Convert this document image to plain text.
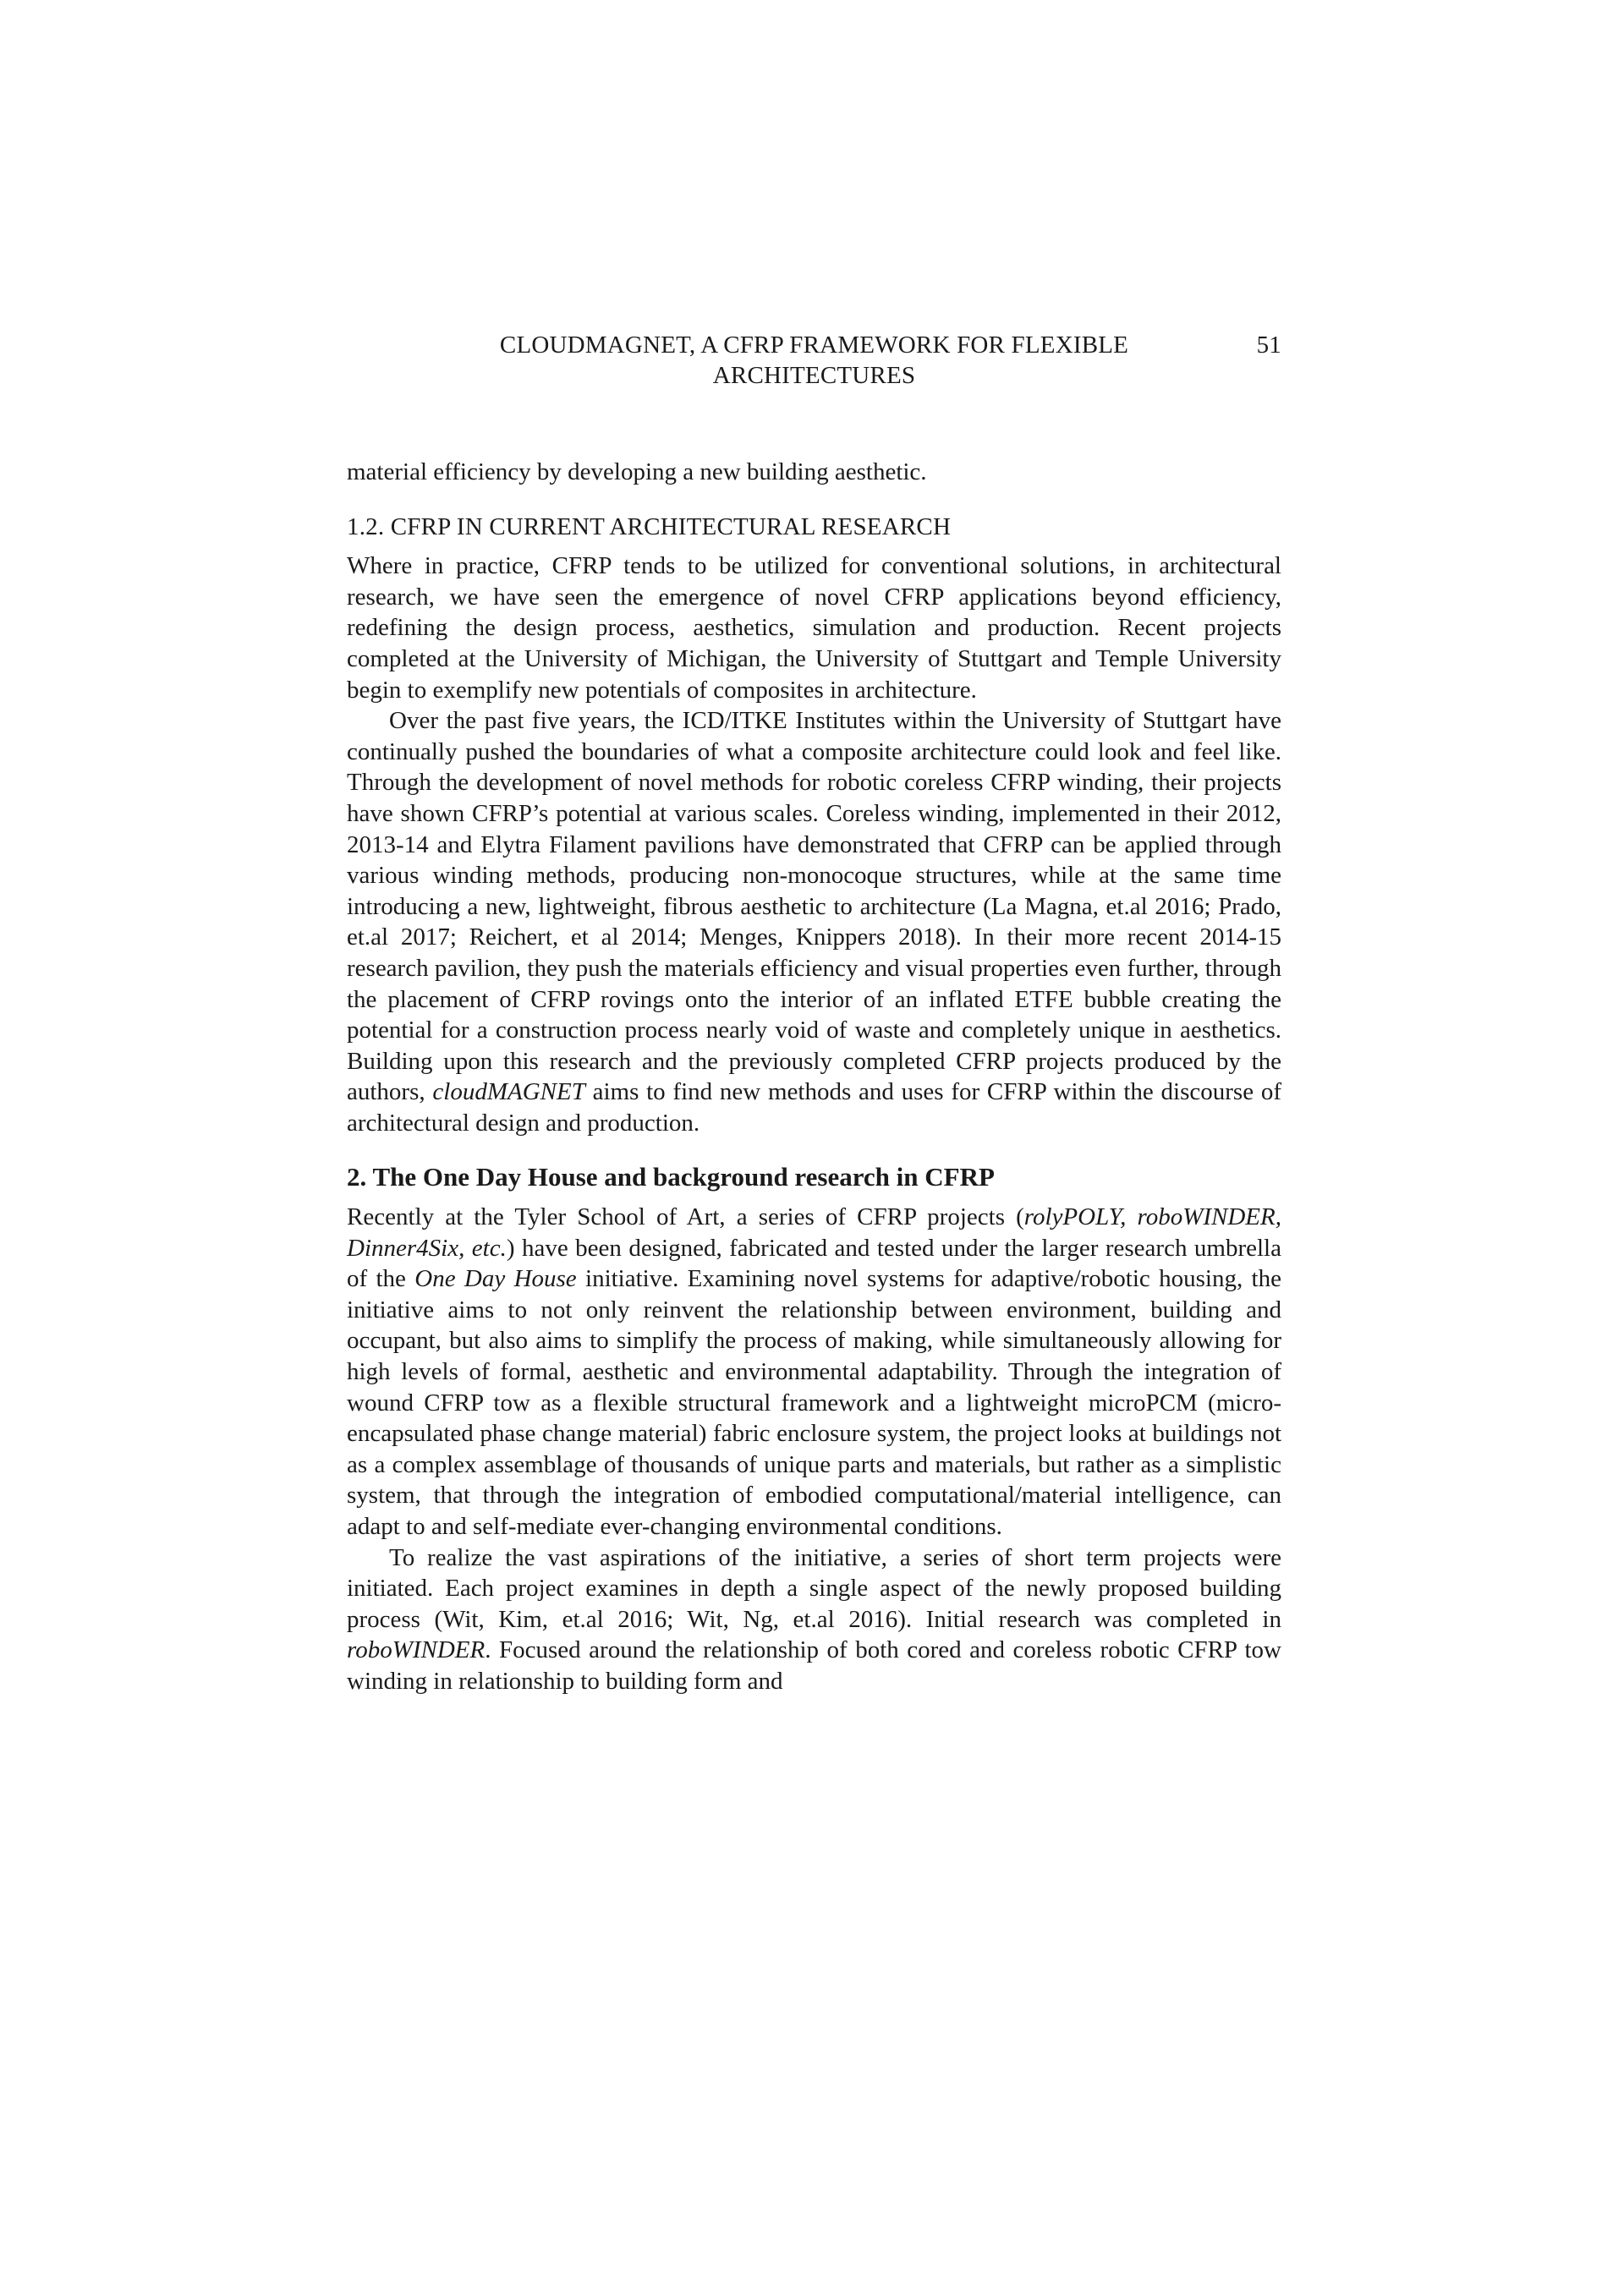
CLOUDMAGNET, A CFRP FRAMEWORK FOR FLEXIBLE
ARCHITECTURES
51

material efficiency by developing a new building aesthetic.

1.2. CFRP IN CURRENT ARCHITECTURAL RESEARCH

Where in practice, CFRP tends to be utilized for conventional solutions, in architectural research, we have seen the emergence of novel CFRP applications beyond efficiency, redefining the design process, aesthetics, simulation and production. Recent projects completed at the University of Michigan, the University of Stuttgart and Temple University begin to exemplify new potentials of composites in architecture.

Over the past five years, the ICD/ITKE Institutes within the University of Stuttgart have continually pushed the boundaries of what a composite architecture could look and feel like. Through the development of novel methods for robotic coreless CFRP winding, their projects have shown CFRP’s potential at various scales. Coreless winding, implemented in their 2012, 2013-14 and Elytra Filament pavilions have demonstrated that CFRP can be applied through various winding methods, producing non-monocoque structures, while at the same time introducing a new, lightweight, fibrous aesthetic to architecture (La Magna, et.al 2016; Prado, et.al 2017; Reichert, et al 2014; Menges, Knippers 2018). In their more recent 2014-15 research pavilion, they push the materials efficiency and visual properties even further, through the placement of CFRP rovings onto the interior of an inflated ETFE bubble creating the potential for a construction process nearly void of waste and completely unique in aesthetics. Building upon this research and the previously completed CFRP projects produced by the authors, cloudMAGNET aims to find new methods and uses for CFRP within the discourse of architectural design and production.

2. The One Day House and background research in CFRP

Recently at the Tyler School of Art, a series of CFRP projects (rolyPOLY, roboWINDER, Dinner4Six, etc.) have been designed, fabricated and tested under the larger research umbrella of the One Day House initiative. Examining novel systems for adaptive/robotic housing, the initiative aims to not only reinvent the relationship between environment, building and occupant, but also aims to simplify the process of making, while simultaneously allowing for high levels of formal, aesthetic and environmental adaptability. Through the integration of wound CFRP tow as a flexible structural framework and a lightweight microPCM (micro-encapsulated phase change material) fabric enclosure system, the project looks at buildings not as a complex assemblage of thousands of unique parts and materials, but rather as a simplistic system, that through the integration of embodied computational/material intelligence, can adapt to and self-mediate ever-changing environmental conditions.

To realize the vast aspirations of the initiative, a series of short term projects were initiated. Each project examines in depth a single aspect of the newly proposed building process (Wit, Kim, et.al 2016; Wit, Ng, et.al 2016). Initial research was completed in roboWINDER. Focused around the relationship of both cored and coreless robotic CFRP tow winding in relationship to building form and
